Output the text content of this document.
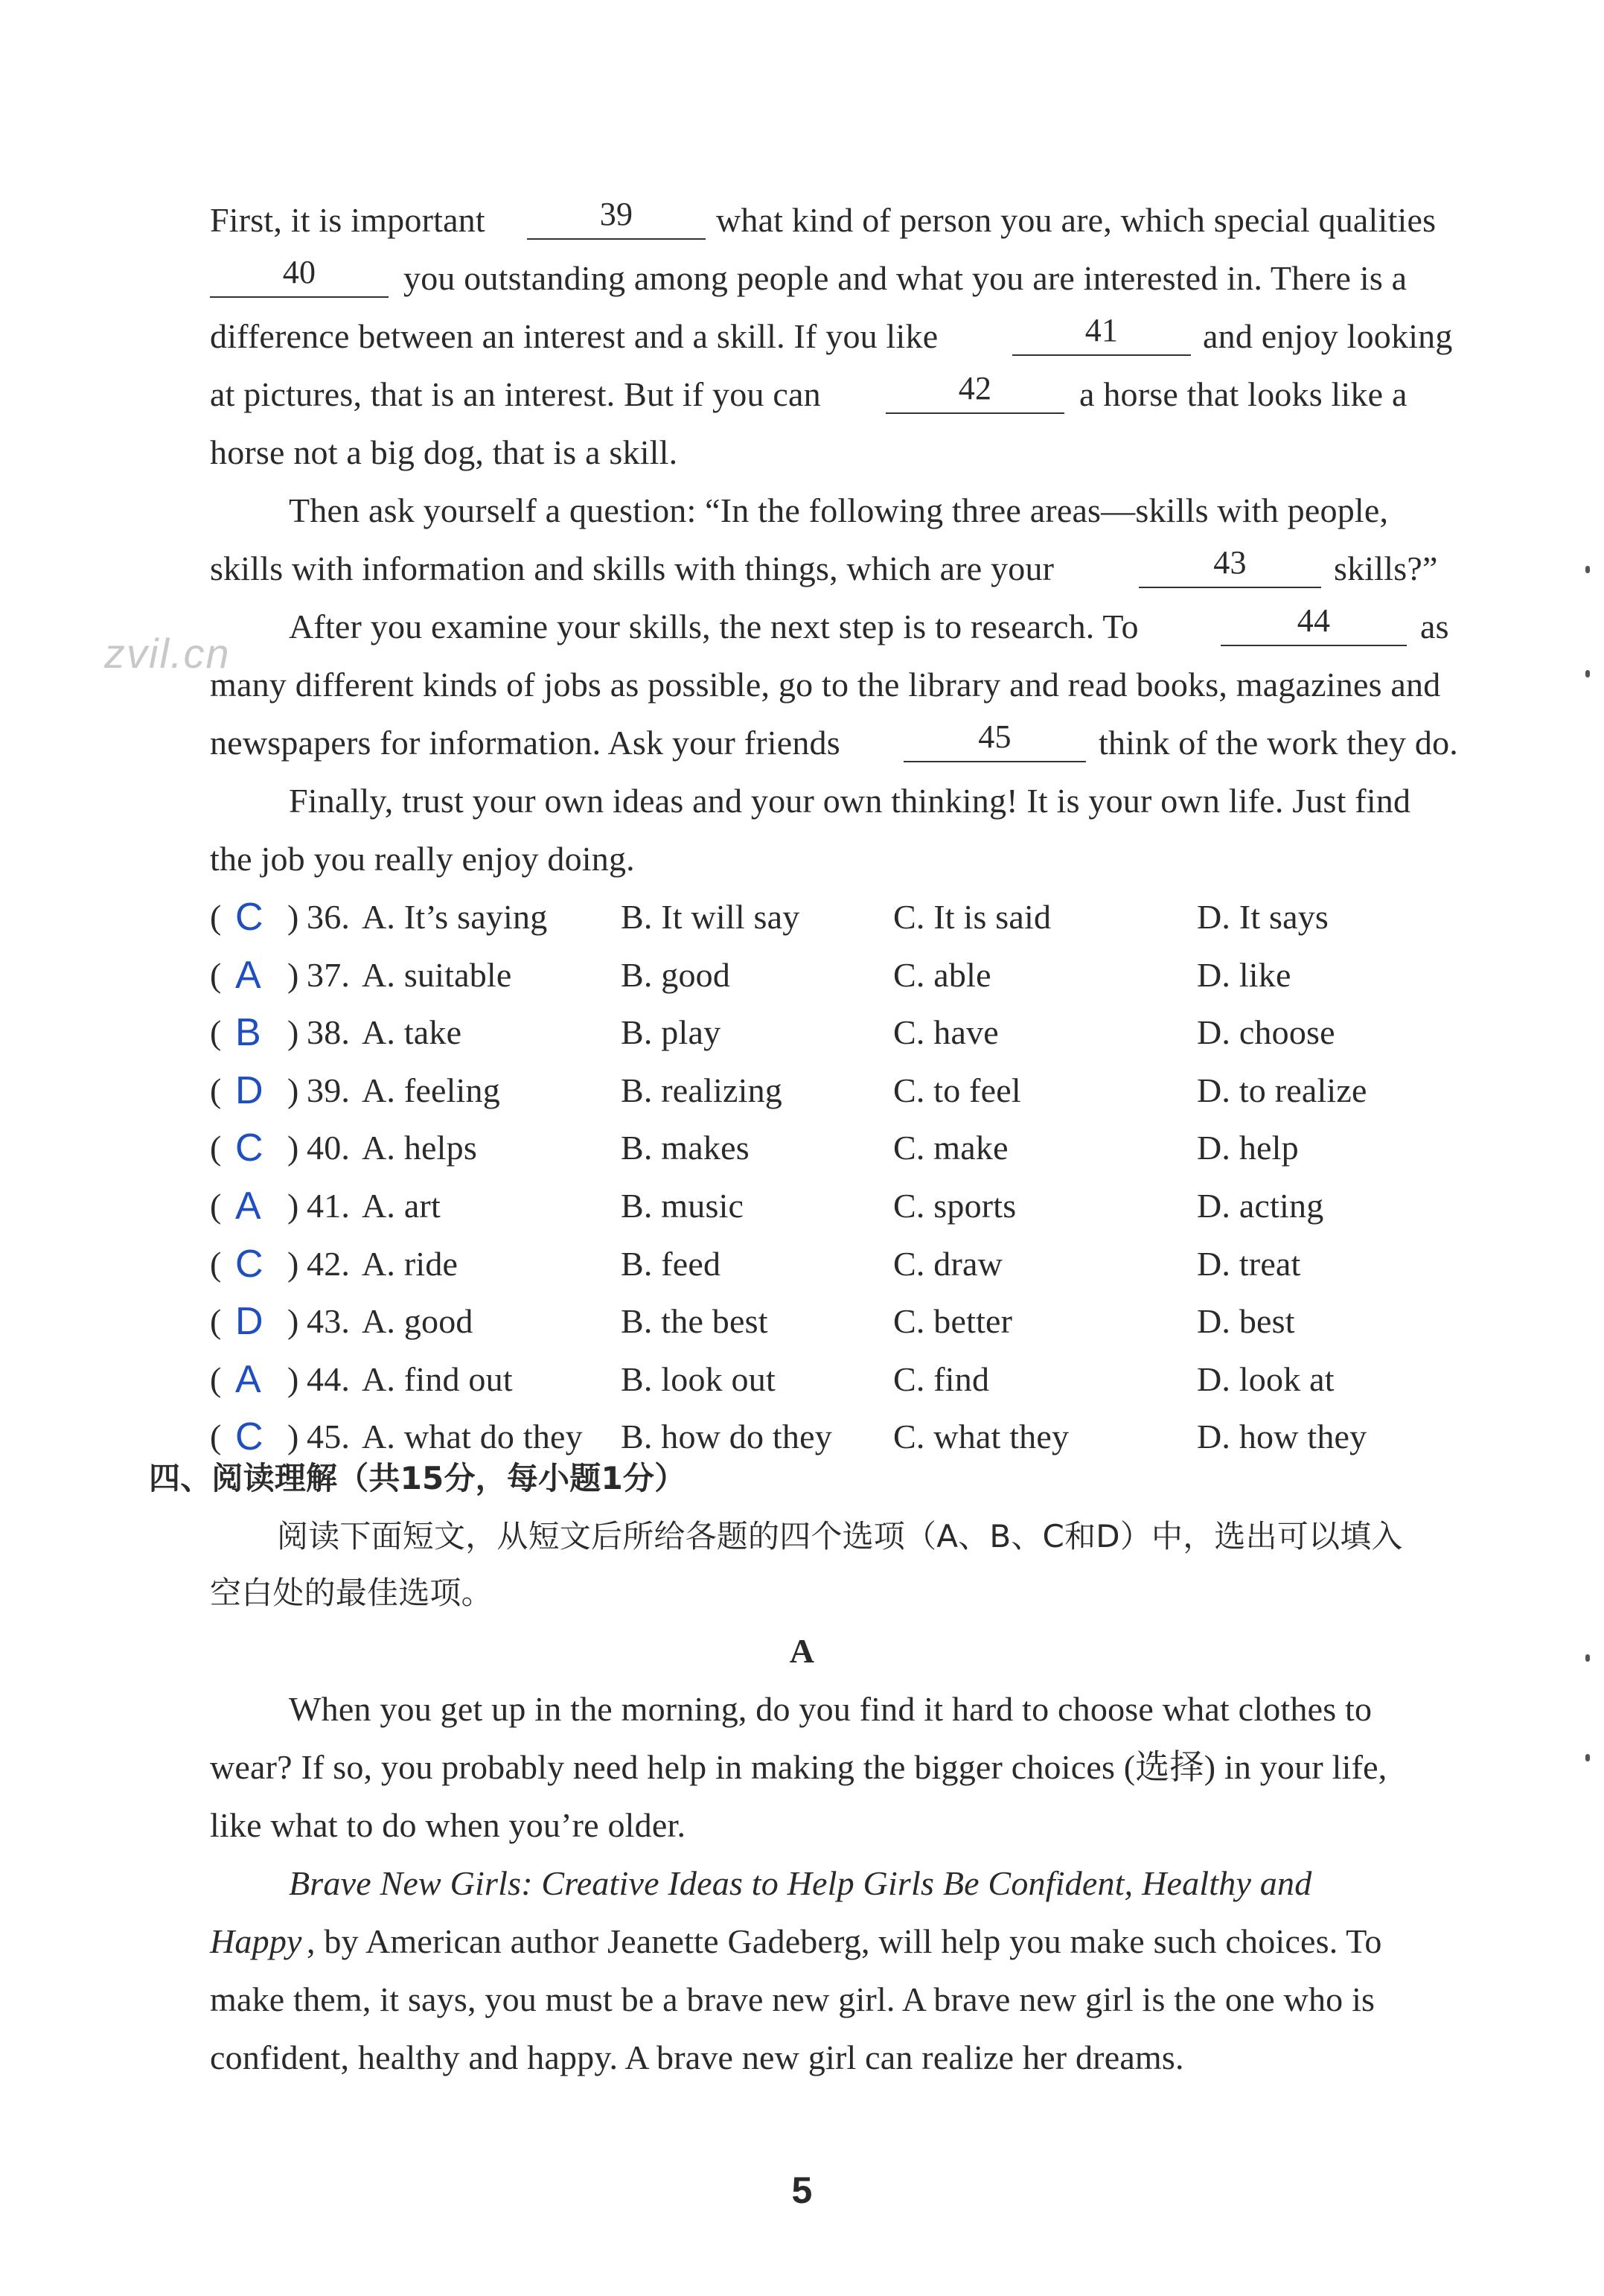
zvil.cn
First, it is important	39	what kind of person you are, which special qualities
40	you outstanding among people and what you are interested in. There is a
difference between an interest and a skill. If you like	41	and enjoy looking
at pictures, that is an interest. But if you can	42	a horse that looks like a
horse not a big dog, that is a skill.
Then ask yourself a question: “In the following three areas—skills with people,
skills with information and skills with things, which are your	43	skills?”
After you examine your skills, the next step is to research. To	44	as
many different kinds of jobs as possible, go to the library and read books, magazines and
newspapers for information. Ask your friends	45	think of the work they do.
Finally, trust your own ideas and your own thinking! It is your own life. Just find
the job you really enjoy doing.
( C ) 36. A. It’s saying B. It will say	C. It is said	D. It says
( A ) 37. A. suitable	B. good	C. able	D. like
( B ) 38. A. take	B. play	C. have	D. choose
( D ) 39. A. feeling	B. realizing	C. to feel	D. to realize
( C ) 40. A. helps	B. makes	C. make	D. help
( A ) 41. A. art	B. music	C. sports	D. acting
( C ) 42. A. ride	B. feed	C. draw	D. treat
( D ) 43. A. good	B. the best	C. better	D. best
( A ) 44. A. find out	B. look out	C. find	D. look at
( C ) 45. A. what do they B. how do they C. what they	D. how they
四、阅读理解（共15分，每小题1分）
阅读下面短文，从短文后所给各题的四个选项（A、B、C和D）中，选出可以填入
空白处的最佳选项。
A
When you get up in the morning, do you find it hard to choose what clothes to
wear? If so, you probably need help in making the bigger choices (选择) in your life,
like what to do when you’re older.
Brave New Girls: Creative Ideas to Help Girls Be Confident, Healthy and
Happy , by American author Jeanette Gadeberg, will help you make such choices. To
make them, it says, you must be a brave new girl. A brave new girl is the one who is
confident, healthy and happy. A brave new girl can realize her dreams.
5
